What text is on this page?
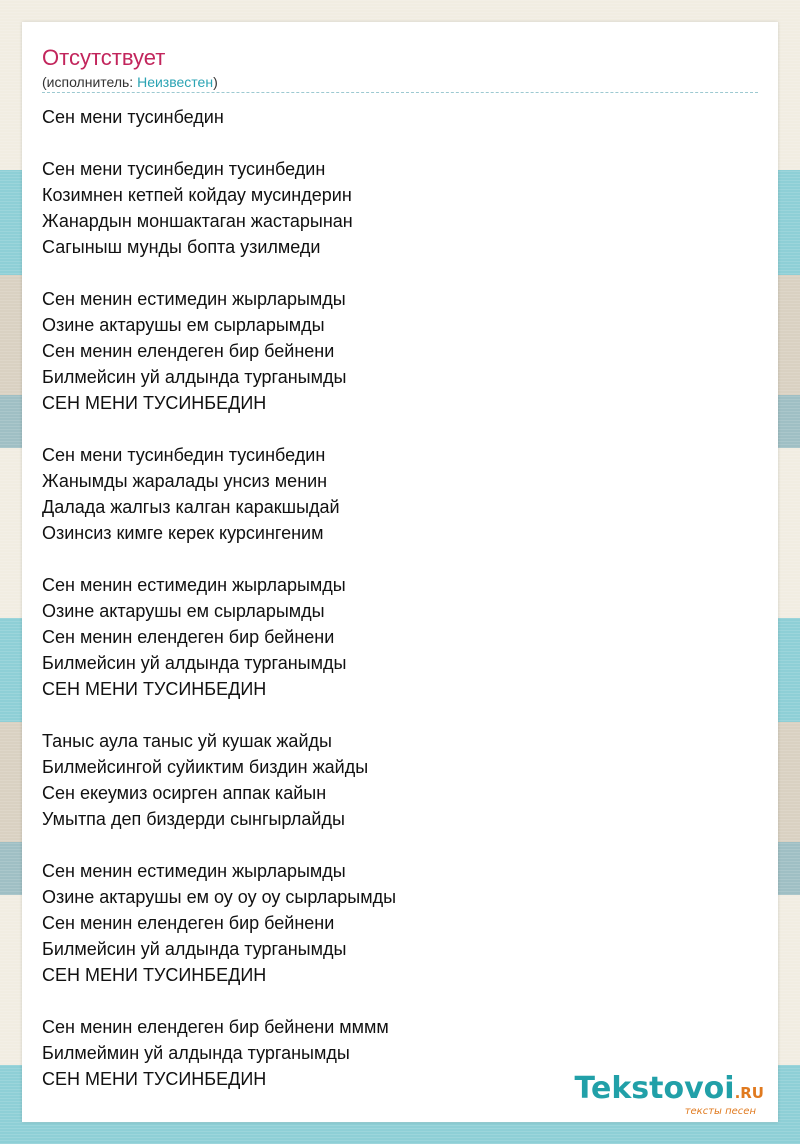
Отсутствует
(исполнитель: Неизвестен)
Сен мени тусинбедин
Сен мени тусинбедин тусинбедин
Козимнен кетпей койдау мусиндерин
Жанардын моншактаган жастарынан
Сагыныш мунды бопта узилмеди
Сен менин естимедин жырларымды
Озине актарушы ем сырларымды
Сен менин елендеген бир бейнени
Билмейсин уй алдында турганымды
СЕН МЕНИ ТУСИНБЕДИН
Сен мени тусинбедин тусинбедин
Жанымды жаралады унсиз менин
Далада жалгыз калган каракшыдай
Озинсиз кимге керек курсингеним
Сен менин естимедин жырларымды
Озине актарушы ем сырларымды
Сен менин елендеген бир бейнени
Билмейсин уй алдында турганымды
СЕН МЕНИ ТУСИНБЕДИН
Таныс аула таныс уй кушак жайды
Билмейсингой суйиктим биздин жайды
Сен екеумиз осирген аппак кайын
Умытпа деп биздерди сынгырлайды
Сен менин естимедин жырларымды
Озине актарушы ем оу оу оу сырларымды
Сен менин елендеген бир бейнени
Билмейсин уй алдында турганымды
СЕН МЕНИ ТУСИНБЕДИН
Сен менин елендеген бир бейнени мммм
Билмеймин уй алдында турганымды
СЕН МЕНИ ТУСИНБЕДИН	Tekstovoi.RU
тексты песен
